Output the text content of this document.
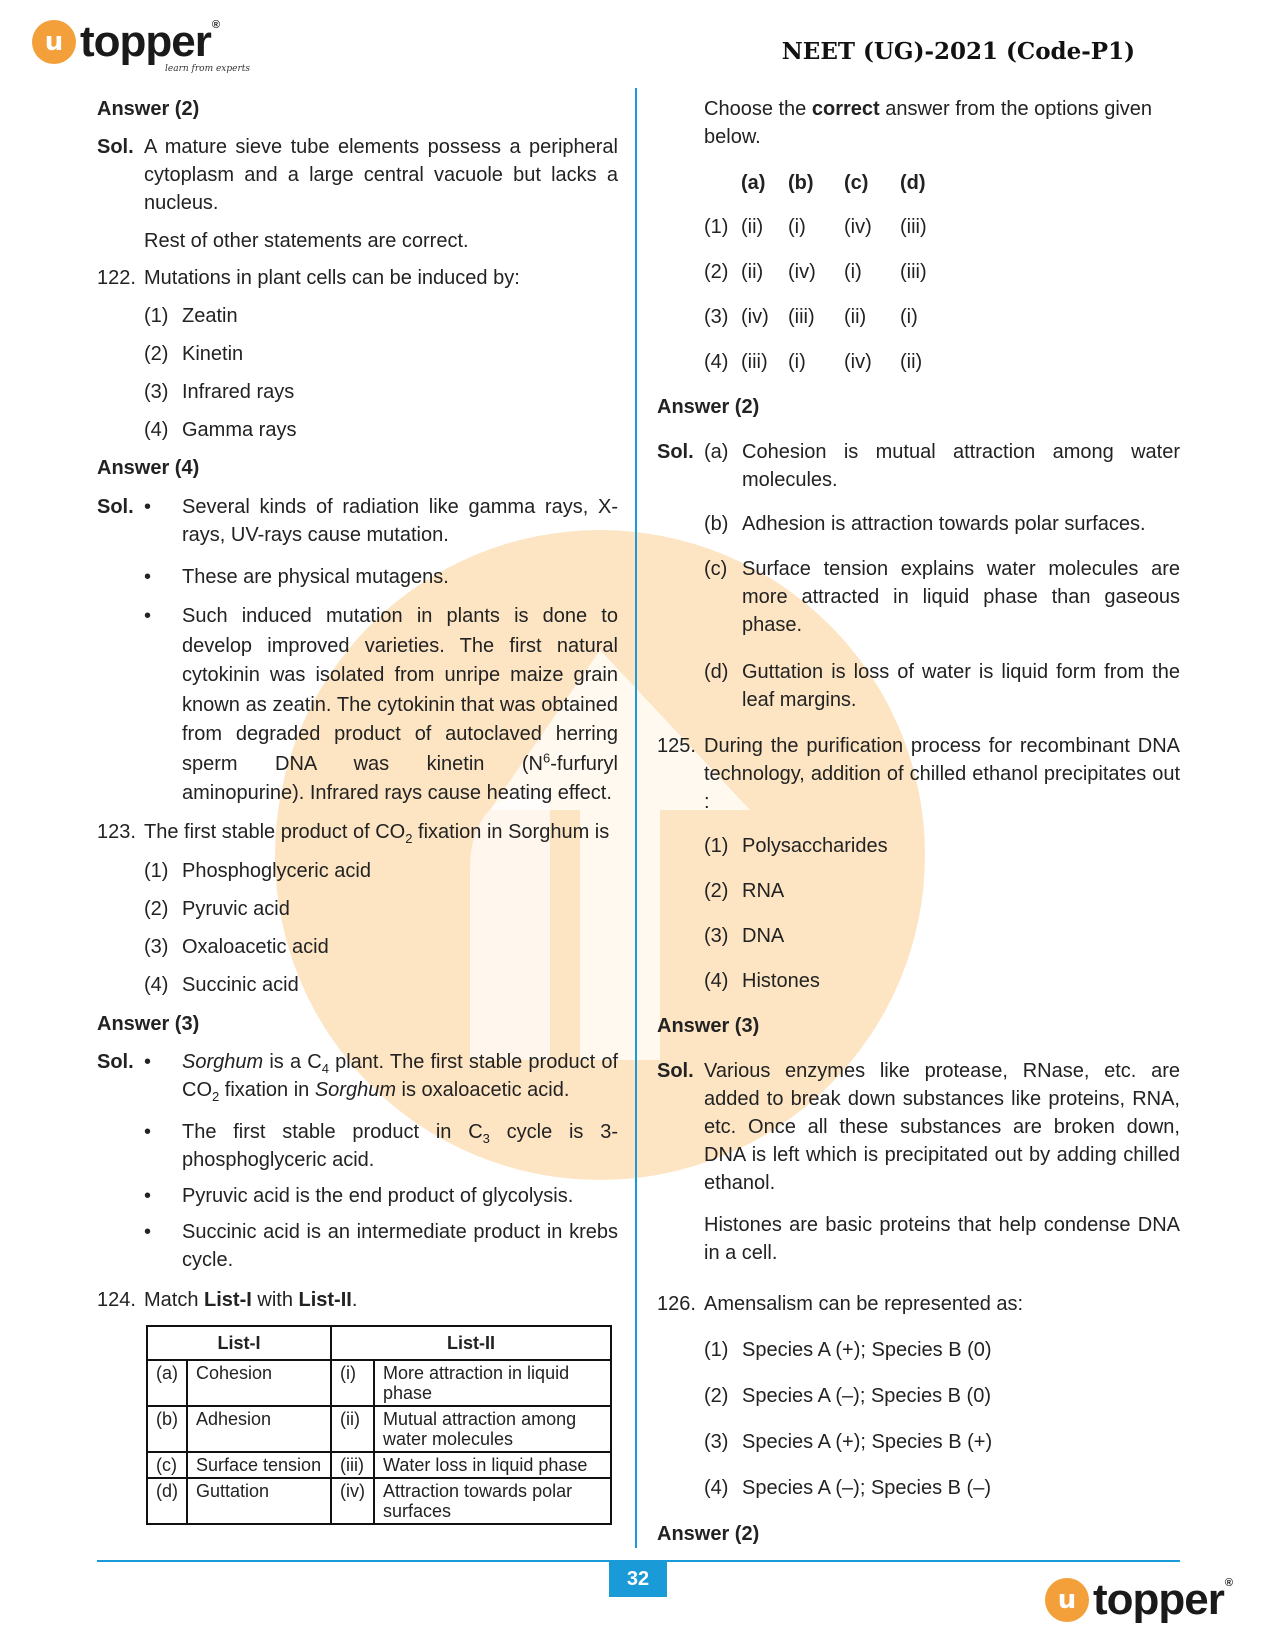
u topper®
learn from experts
NEET (UG)-2021 (Code-P1)
Answer (2)
Sol. A mature sieve tube elements possess a peripheral cytoplasm and a large central vacuole but lacks a nucleus.
Rest of other statements are correct.
122. Mutations in plant cells can be induced by:
(1) Zeatin
(2) Kinetin
(3) Infrared rays
(4) Gamma rays
Answer (4)
Sol. • Several kinds of radiation like gamma rays, X-rays, UV-rays cause mutation.
• These are physical mutagens.
• Such induced mutation in plants is done to develop improved varieties. The first natural cytokinin was isolated from unripe maize grain known as zeatin. The cytokinin that was obtained from degraded product of autoclaved herring sperm DNA was kinetin ($N^6$-furfuryl aminopurine). Infrared rays cause heating effect.
123. The first stable product of $CO_2$ fixation in Sorghum is
(1) Phosphoglyceric acid
(2) Pyruvic acid
(3) Oxaloacetic acid
(4) Succinic acid
Answer (3)
Sol. • Sorghum is a $C_4$ plant. The first stable product of $CO_2$ fixation in Sorghum is oxaloacetic acid.
• The first stable product in $C_3$ cycle is 3-phosphoglyceric acid.
• Pyruvic acid is the end product of glycolysis.
• Succinic acid is an intermediate product in krebs cycle.
124. Match List-I with List-II.
List-I		List-II	
(a)	Cohesion	(i)	More attraction in liquid phase
(b)	Adhesion	(ii)	Mutual attraction among water molecules
(c)	Surface tension	(iii)	Water loss in liquid phase
(d)	Guttation	(iv)	Attraction towards polar surfaces
Choose the correct answer from the options given below.
(a) (b) (c) (d)
(1) (ii) (i) (iv) (iii)
(2) (ii) (iv) (i) (iii)
(3) (iv) (iii) (ii) (i)
(4) (iii) (i) (iv) (ii)
Answer (2)
Sol. (a) Cohesion is mutual attraction among water molecules.
(b) Adhesion is attraction towards polar surfaces.
(c) Surface tension explains water molecules are more attracted in liquid phase than gaseous phase.
(d) Guttation is loss of water is liquid form from the leaf margins.
125. During the purification process for recombinant DNA technology, addition of chilled ethanol precipitates out :
(1) Polysaccharides
(2) RNA
(3) DNA
(4) Histones
Answer (3)
Sol. Various enzymes like protease, RNase, etc. are added to break down substances like proteins, RNA, etc. Once all these substances are broken down, DNA is left which is precipitated out by adding chilled ethanol.
Histones are basic proteins that help condense DNA in a cell.
126. Amensalism can be represented as:
(1) Species A (+); Species B (0)
(2) Species A (–); Species B (0)
(3) Species A (+); Species B (+)
(4) Species A (–); Species B (–)
Answer (2)
32
u topper®
